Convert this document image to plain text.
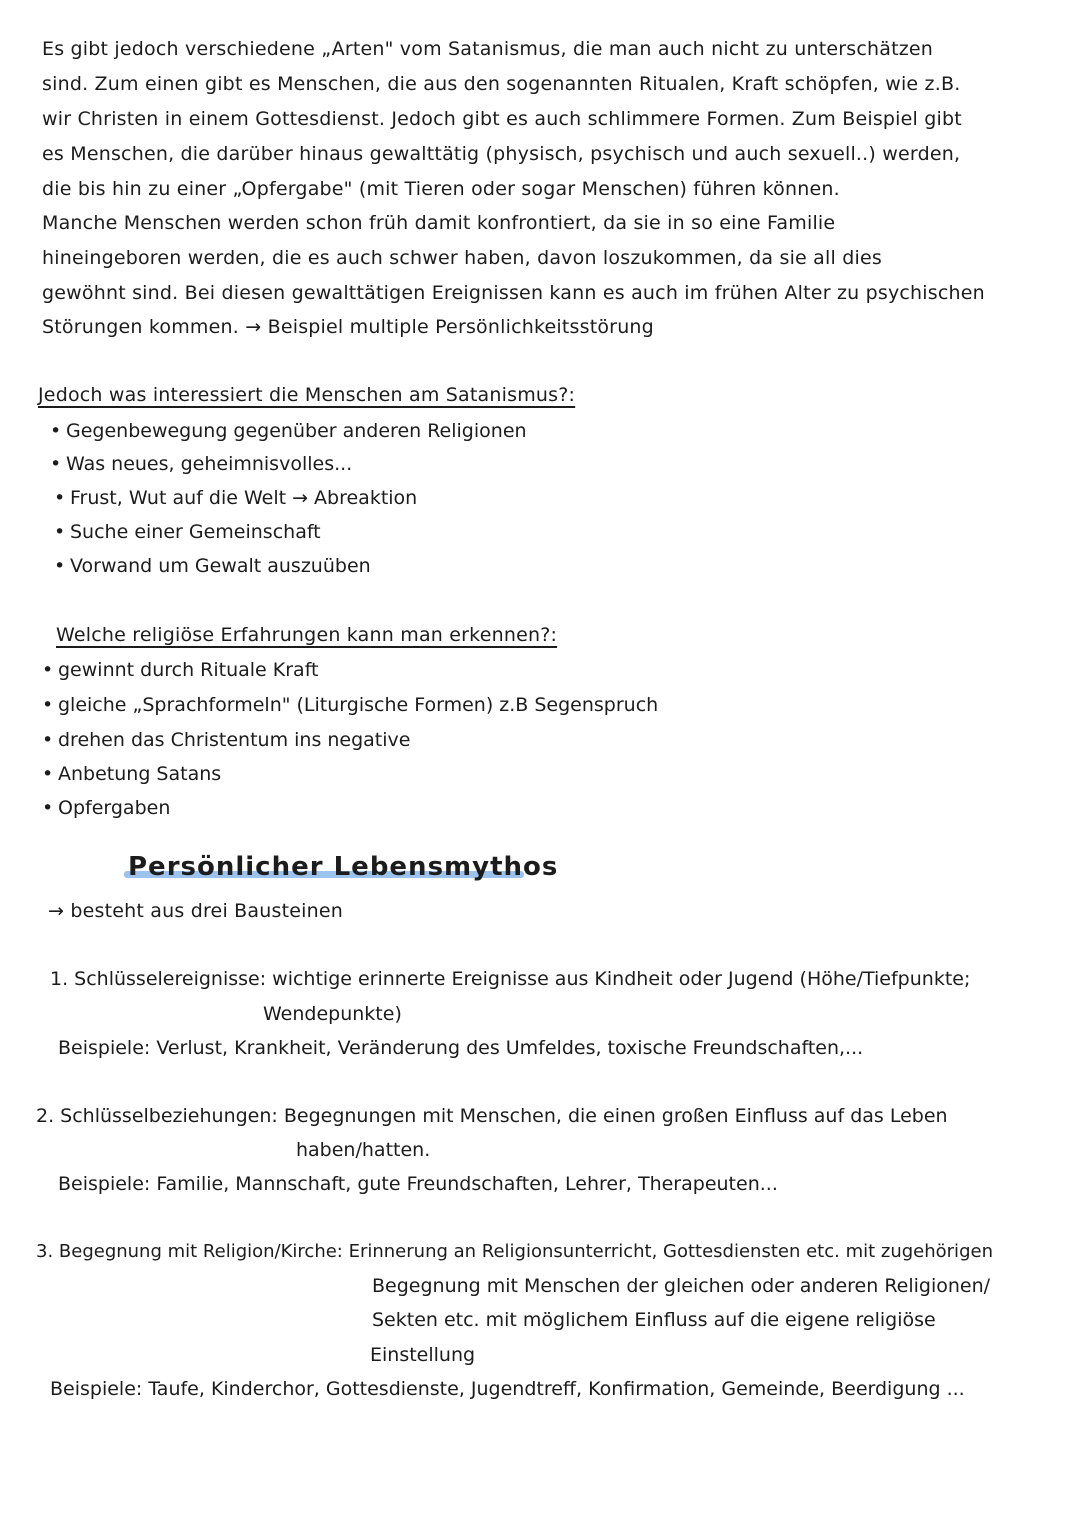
Es gibt jedoch verschiedene „Arten" vom Satanismus, die man auch nicht zu unterschätzen
sind. Zum einen gibt es Menschen, die aus den sogenannten Ritualen, Kraft schöpfen, wie z.B.
wir Christen in einem Gottesdienst. Jedoch gibt es auch schlimmere Formen. Zum Beispiel gibt
es Menschen, die darüber hinaus gewalttätig (physisch, psychisch und auch sexuell..) werden,
die bis hin zu einer „Opfergabe" (mit Tieren oder sogar Menschen) führen können.
Manche Menschen werden schon früh damit konfrontiert, da sie in so eine Familie
hineingeboren werden, die es auch schwer haben, davon loszukommen, da sie all dies
gewöhnt sind. Bei diesen gewalttätigen Ereignissen kann es auch im frühen Alter zu psychischen
Störungen kommen. → Beispiel multiple Persönlichkeitsstörung
Jedoch was interessiert die Menschen am Satanismus?:
• Gegenbewegung gegenüber anderen Religionen
• Was neues, geheimnisvolles...
• Frust, Wut auf die Welt → Abreaktion
• Suche einer Gemeinschaft
• Vorwand um Gewalt auszuüben
Welche religiöse Erfahrungen kann man erkennen?:
• gewinnt durch Rituale Kraft
• gleiche „Sprachformeln" (Liturgische Formen) z.B Segenspruch
• drehen das Christentum ins negative
• Anbetung Satans
• Opfergaben
Persönlicher Lebensmythos
→ besteht aus drei Bausteinen
1. Schlüsselereignisse: wichtige erinnerte Ereignisse aus Kindheit oder Jugend (Höhe/Tiefpunkte;
Wendepunkte)
Beispiele: Verlust, Krankheit, Veränderung des Umfeldes, toxische Freundschaften,...
2. Schlüsselbeziehungen: Begegnungen mit Menschen, die einen großen Einfluss auf das Leben
haben/hatten.
Beispiele: Familie, Mannschaft, gute Freundschaften, Lehrer, Therapeuten...
3. Begegnung mit Religion/Kirche: Erinnerung an Religionsunterricht, Gottesdiensten etc. mit zugehörigen
Begegnung mit Menschen der gleichen oder anderen Religionen/
Sekten etc. mit möglichem Einfluss auf die eigene religiöse
Einstellung
Beispiele: Taufe, Kinderchor, Gottesdienste, Jugendtreff, Konfirmation, Gemeinde, Beerdigung ...
